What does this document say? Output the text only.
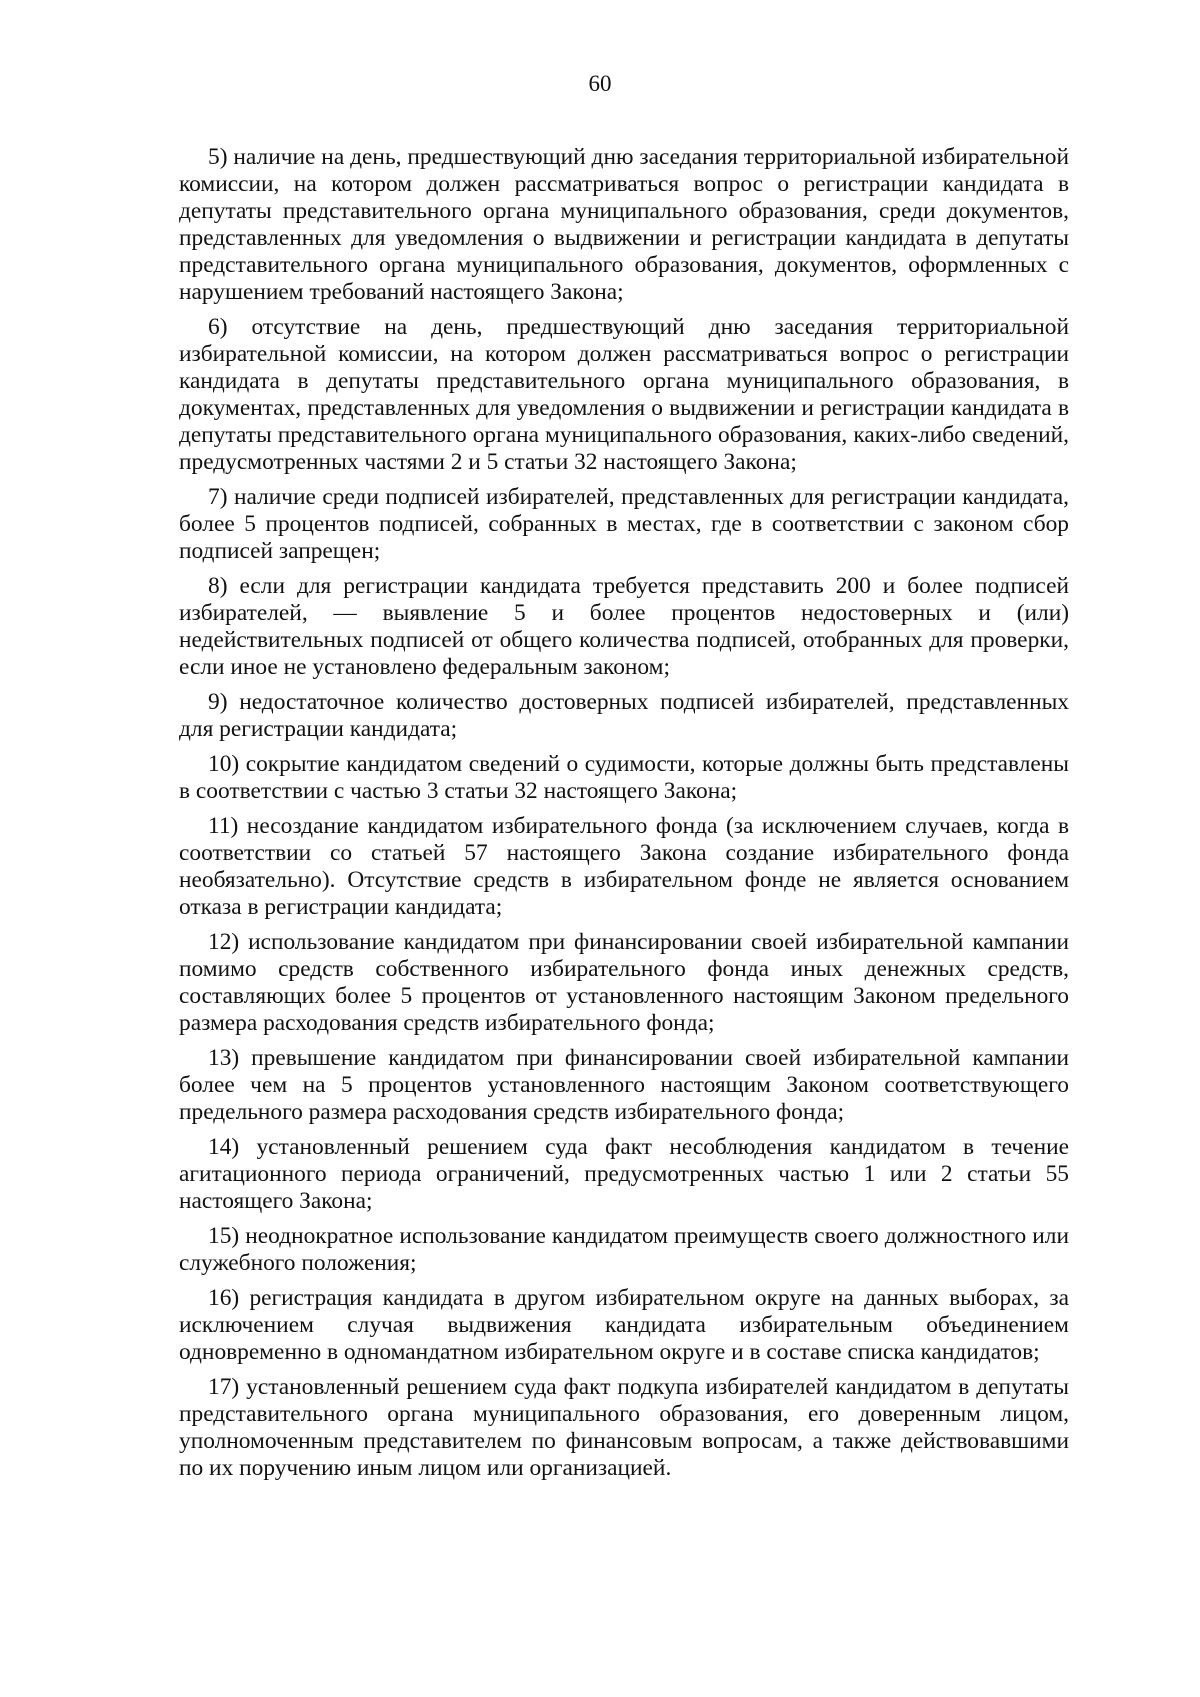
60

5) наличие на день, предшествующий дню заседания территориальной избирательной комиссии, на котором должен рассматриваться вопрос о регистрации кандидата в депутаты представительного органа муниципального образования, среди документов, представленных для уведомления о выдвижении и регистрации кандидата в депутаты представительного органа муниципального образования, документов, оформленных с нарушением требований настоящего Закона;

6) отсутствие на день, предшествующий дню заседания территориальной избирательной комиссии, на котором должен рассматриваться вопрос о регистрации кандидата в депутаты представительного органа муниципального образования, в документах, представленных для уведомления о выдвижении и регистрации кандидата в депутаты представительного органа муниципального образования, каких-либо сведений, предусмотренных частями 2 и 5 статьи 32 настоящего Закона;

7) наличие среди подписей избирателей, представленных для регистрации кандидата, более 5 процентов подписей, собранных в местах, где в соответствии с законом сбор подписей запрещен;

8) если для регистрации кандидата требуется представить 200 и более подписей избирателей, — выявление 5 и более процентов недостоверных и (или) недействительных подписей от общего количества подписей, отобранных для проверки, если иное не установлено федеральным законом;

9) недостаточное количество достоверных подписей избирателей, представленных для регистрации кандидата;

10) сокрытие кандидатом сведений о судимости, которые должны быть представлены в соответствии с частью 3 статьи 32 настоящего Закона;

11) несоздание кандидатом избирательного фонда (за исключением случаев, когда в соответствии со статьей 57 настоящего Закона создание избирательного фонда необязательно). Отсутствие средств в избирательном фонде не является основанием отказа в регистрации кандидата;

12) использование кандидатом при финансировании своей избирательной кампании помимо средств собственного избирательного фонда иных денежных средств, составляющих более 5 процентов от установленного настоящим Законом предельного размера расходования средств избирательного фонда;

13) превышение кандидатом при финансировании своей избирательной кампании более чем на 5 процентов установленного настоящим Законом соответствующего предельного размера расходования средств избирательного фонда;

14) установленный решением суда факт несоблюдения кандидатом в течение агитационного периода ограничений, предусмотренных частью 1 или 2 статьи 55 настоящего Закона;

15) неоднократное использование кандидатом преимуществ своего должностного или служебного положения;

16) регистрация кандидата в другом избирательном округе на данных выборах, за исключением случая выдвижения кандидата избирательным объединением одновременно в одномандатном избирательном округе и в составе списка кандидатов;

17) установленный решением суда факт подкупа избирателей кандидатом в депутаты представительного органа муниципального образования, его доверенным лицом, уполномоченным представителем по финансовым вопросам, а также действовавшими по их поручению иным лицом или организацией.
